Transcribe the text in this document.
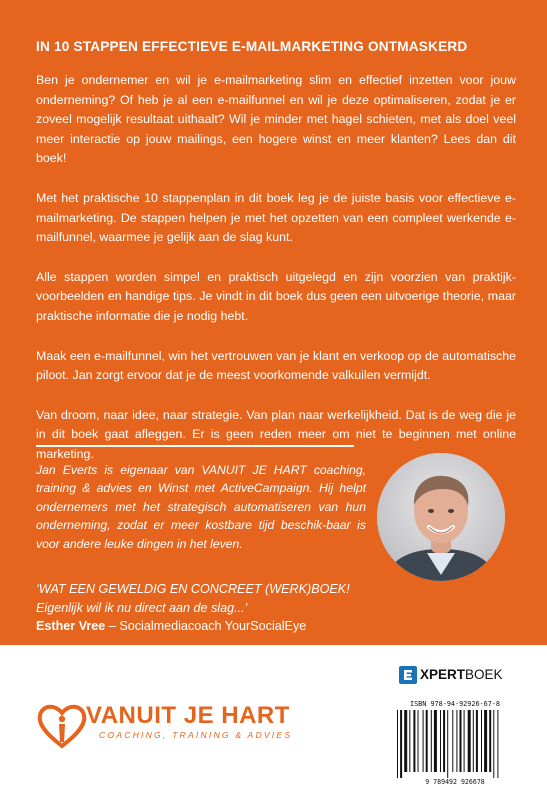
IN 10 STAPPEN EFFECTIEVE E-MAILMARKETING ONTMASKERD

Ben je ondernemer en wil je e-mailmarketing slim en effectief inzetten voor jouw onderneming? Of heb je al een e-mailfunnel en wil je deze optimaliseren, zodat je er zoveel mogelijk resultaat uithaalt? Wil je minder met hagel schieten, met als doel veel meer interactie op jouw mailings, een hogere winst en meer klanten? Lees dan dit boek!

Met het praktische 10 stappenplan in dit boek leg je de juiste basis voor effectieve e-mailmarketing. De stappen helpen je met het opzetten van een compleet werkende e-mailfunnel, waarmee je gelijk aan de slag kunt.

Alle stappen worden simpel en praktisch uitgelegd en zijn voorzien van praktijk-voorbeelden en handige tips. Je vindt in dit boek dus geen een uitvoerige theorie, maar praktische informatie die je nodig hebt.

Maak een e-mailfunnel, win het vertrouwen van je klant en verkoop op de automatische piloot. Jan zorgt ervoor dat je de meest voorkomende valkuilen vermijdt.

Van droom, naar idee, naar strategie. Van plan naar werkelijkheid. Dat is de weg die je in dit boek gaat afleggen. Er is geen reden meer om niet te beginnen met online marketing.

Jan Everts is eigenaar van VANUIT JE HART coaching, training & advies en Winst met ActiveCampaign. Hij helpt ondernemers met het strategisch automatiseren van hun onderneming, zodat er meer kostbare tijd beschik-baar is voor andere leuke dingen in het leven.
‘WAT EEN GEWELDIG EN CONCREET (WERK)BOEK!
Eigenlijk wil ik nu direct aan de slag...’
Esther Vree – Socialmediacoach YourSocialEye
VANUIT JE HART
COACHING, TRAINING & ADVIES
XPERTBOEK
ISBN 978-94-92926-67-8
9 789492 926678
